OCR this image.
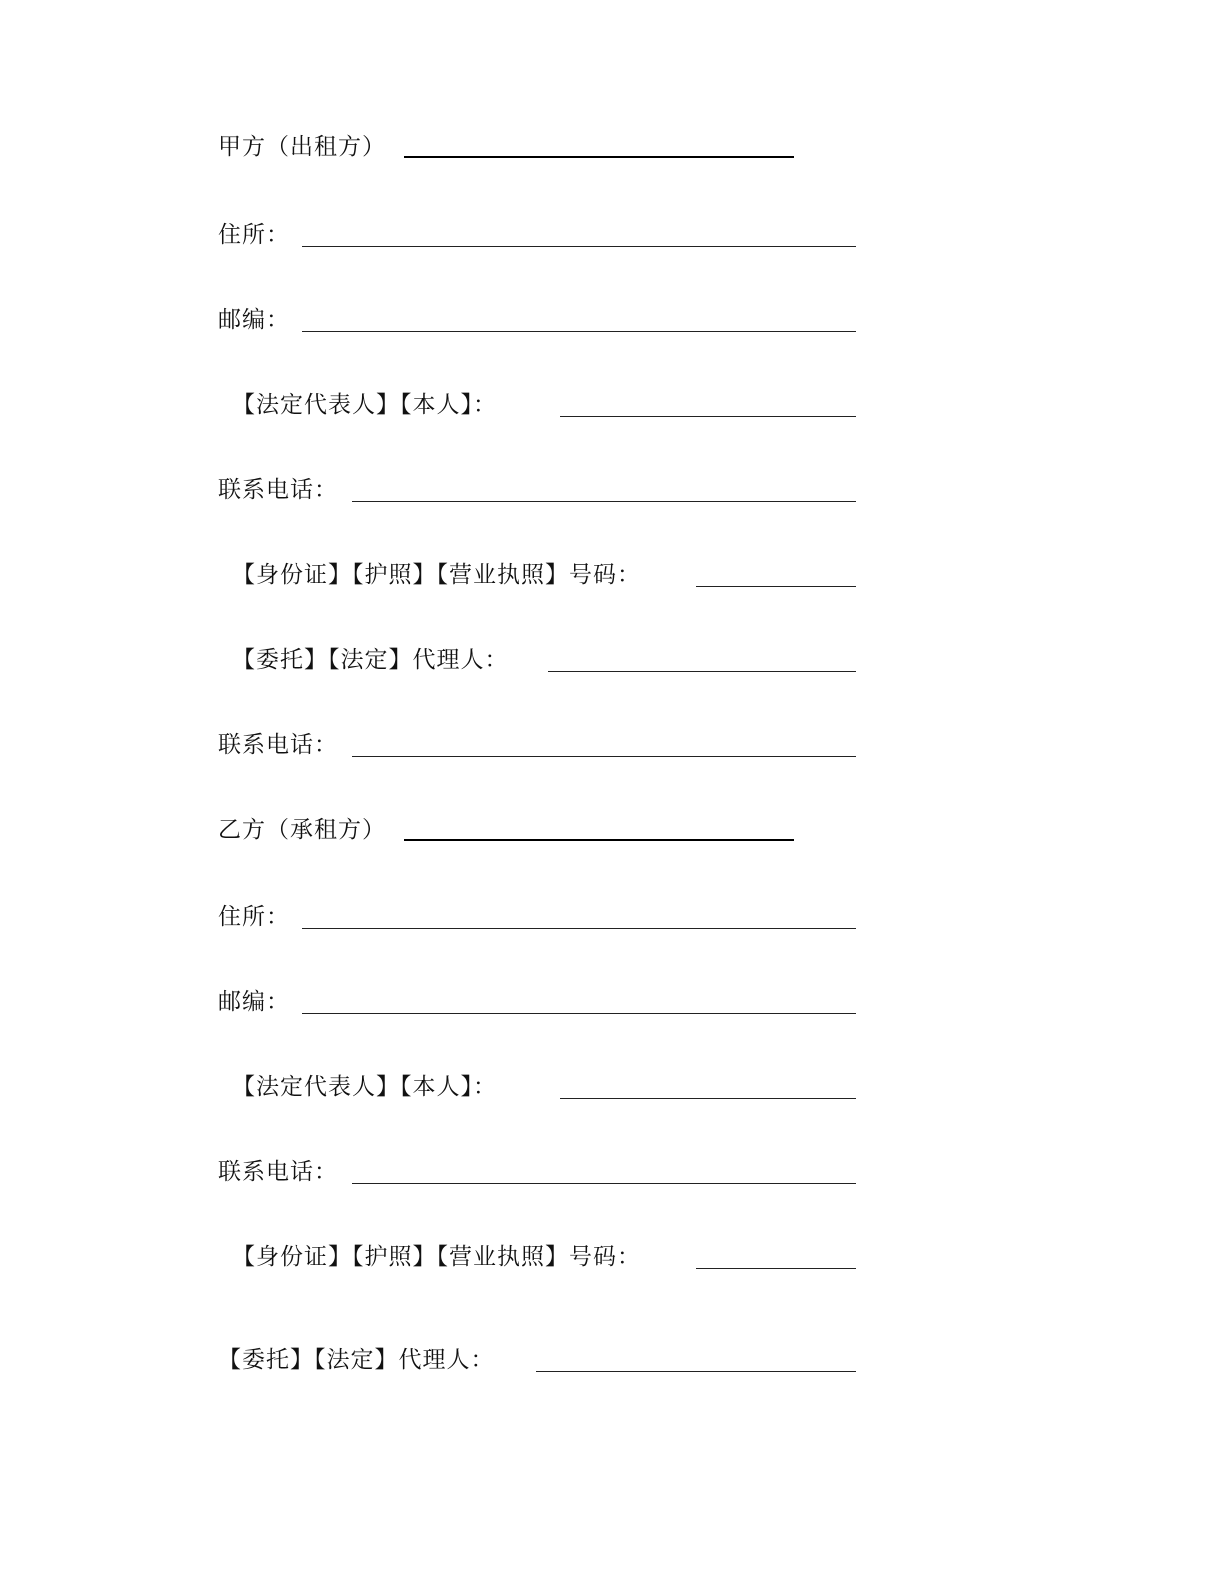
甲方（出租方）
住所：
邮编：
【法定代表人】【本人】：
联系电话：
【身份证】【护照】【营业执照】号码：
【委托】【法定】代理人：
联系电话：
乙方（承租方）
住所：
邮编：
【法定代表人】【本人】：
联系电话：
【身份证】【护照】【营业执照】号码：
【委托】【法定】代理人：
